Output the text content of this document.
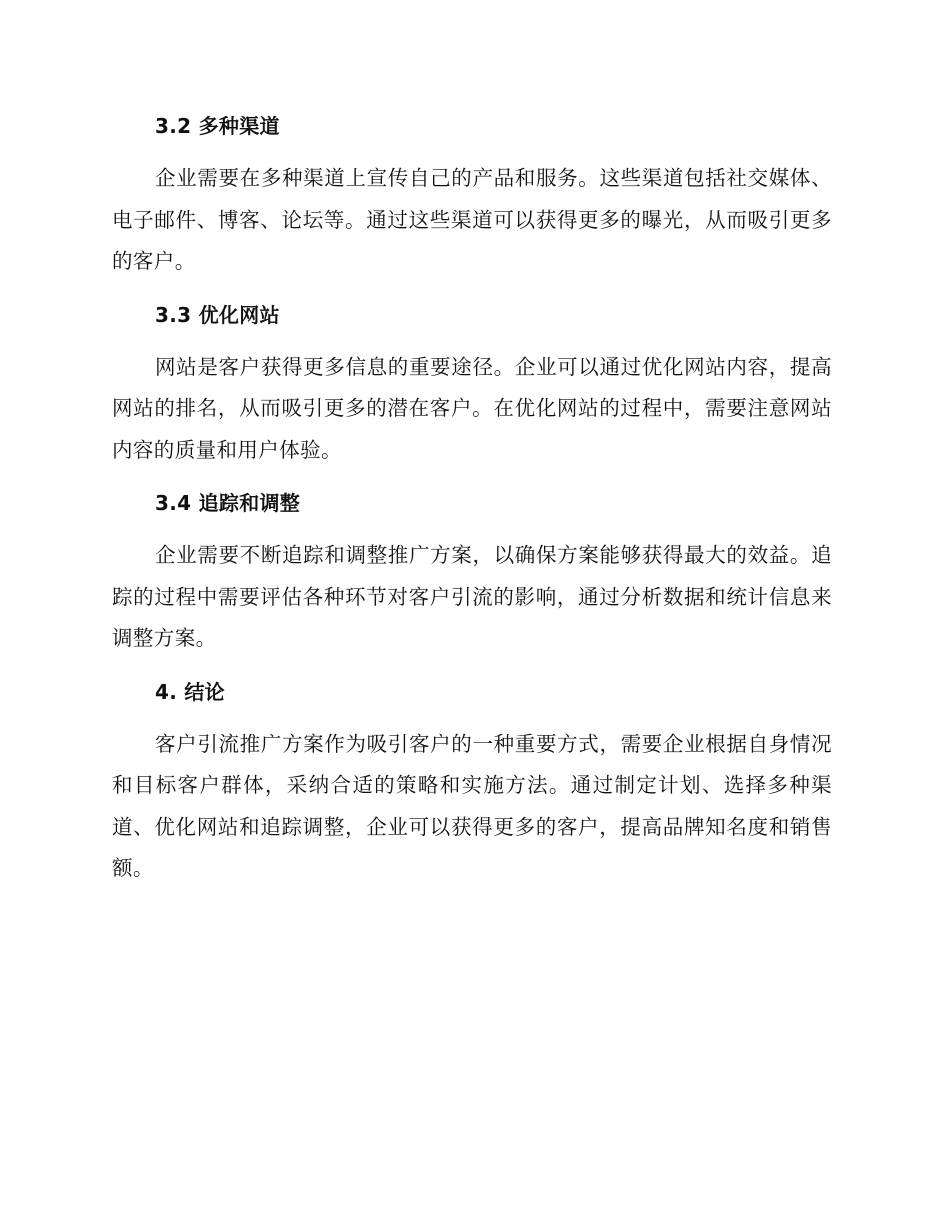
3.2 多种渠道

企业需要在多种渠道上宣传自己的产品和服务。这些渠道包括社交媒体、电子邮件、博客、论坛等。通过这些渠道可以获得更多的曝光，从而吸引更多的客户。

3.3 优化网站

网站是客户获得更多信息的重要途径。企业可以通过优化网站内容，提高网站的排名，从而吸引更多的潜在客户。在优化网站的过程中，需要注意网站内容的质量和用户体验。

3.4 追踪和调整

企业需要不断追踪和调整推广方案，以确保方案能够获得最大的效益。追踪的过程中需要评估各种环节对客户引流的影响，通过分析数据和统计信息来调整方案。

4. 结论

客户引流推广方案作为吸引客户的一种重要方式，需要企业根据自身情况和目标客户群体，采纳合适的策略和实施方法。通过制定计划、选择多种渠道、优化网站和追踪调整，企业可以获得更多的客户，提高品牌知名度和销售额。
